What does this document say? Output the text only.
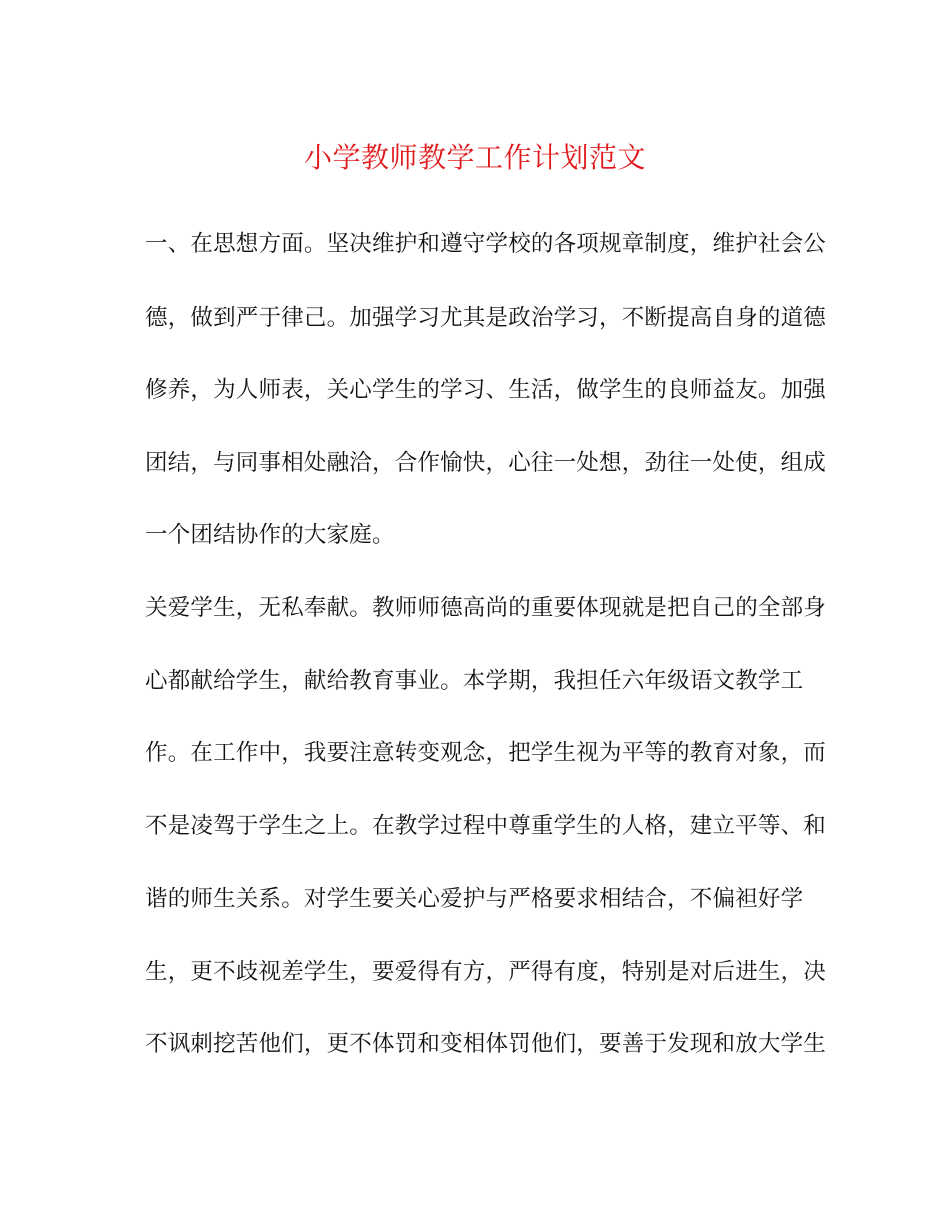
小学教师教学工作计划范文
一、在思想方面。坚决维护和遵守学校的各项规章制度，维护社会公
德，做到严于律己。加强学习尤其是政治学习，不断提高自身的道德
修养，为人师表，关心学生的学习、生活，做学生的良师益友。加强
团结，与同事相处融洽，合作愉快，心往一处想，劲往一处使，组成
一个团结协作的大家庭。
关爱学生，无私奉献。教师师德高尚的重要体现就是把自己的全部身
心都献给学生，献给教育事业。本学期，我担任六年级语文教学工
作。在工作中，我要注意转变观念，把学生视为平等的教育对象，而
不是凌驾于学生之上。在教学过程中尊重学生的人格，建立平等、和
谐的师生关系。对学生要关心爱护与严格要求相结合，不偏袒好学
生，更不歧视差学生，要爱得有方，严得有度，特别是对后进生，决
不讽刺挖苦他们，更不体罚和变相体罚他们，要善于发现和放大学生
